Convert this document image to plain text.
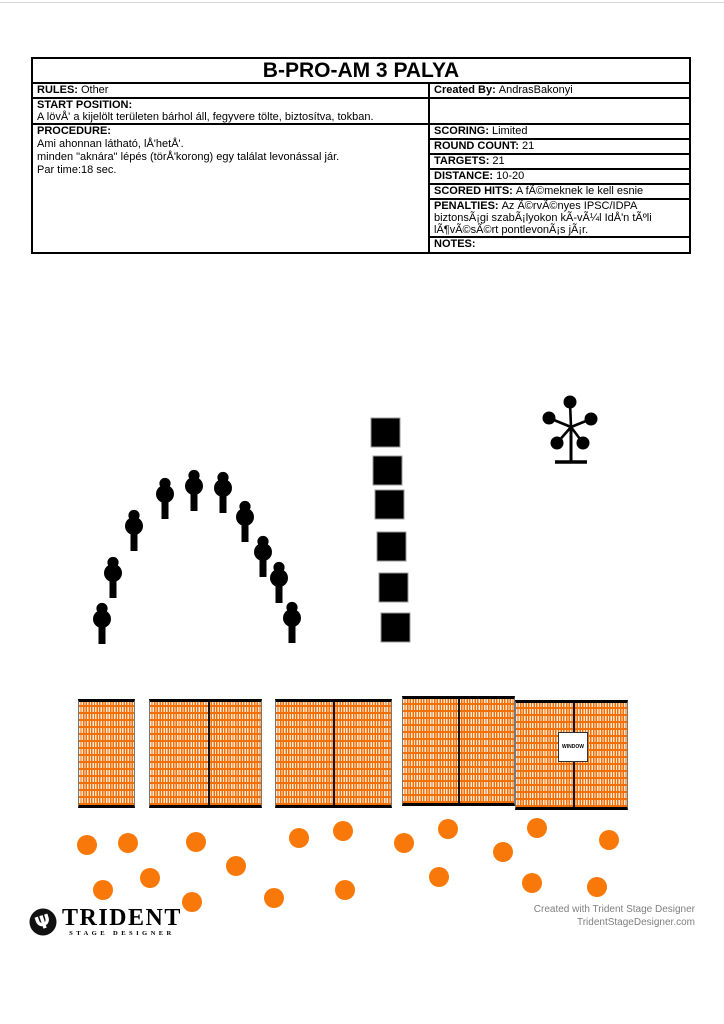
B-PRO-AM 3 PALYA
RULES: Other	Created By: AndrasBakonyi
START POSITION:
A lövÅ' a kijelölt területen bárhol áll, fegyvere tölte, biztosítva, tokban.
PROCEDURE:
Ami ahonnan látható, lÅ'hetÅ'.
minden "aknára" lépés (törÅ'korong) egy találat levonással jár.
Par time:18 sec.
SCORING: Limited
ROUND COUNT: 21
TARGETS: 21
DISTANCE: 10-20
SCORED HITS: A fÃ©meknek le kell esnie
PENALTIES: Az Ã©rvÃ©nyes IPSC/IDPA
biztonsÃ¡gi szabÃ¡lyokon kÃ-vÃ¼l IdÅ'n tÃºli
lÃ¶vÃ©sÃ©rt pontlevonÃ¡s jÃ¡r.
NOTES:
WINDOW
Ψ TRIDENT
STAGE DESIGNER
Created with Trident Stage Designer
TridentStageDesigner.com
